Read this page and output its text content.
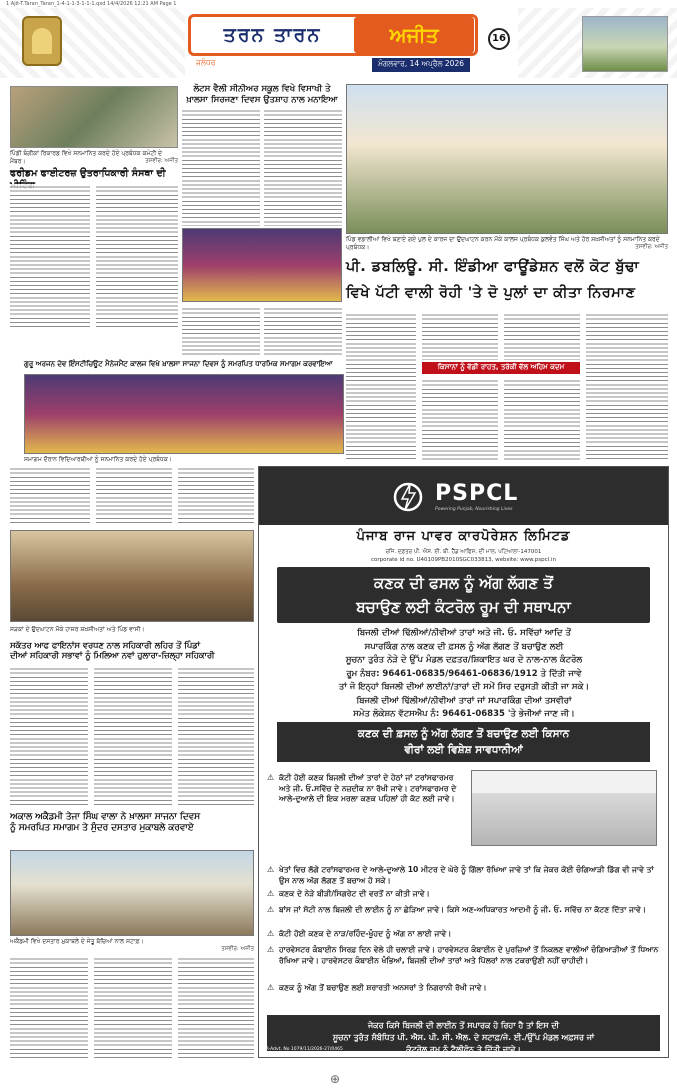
1 Ajit-T.Taran_Taran_1-4-1-1-3-1-1-1.qxd 14/4/2026 12:21 AM Page 1
ਤਰਨ ਤਾਰਨ	ਅਜੀਤ
ਜਲੰਧਰ	ਮੰਗਲਵਾਰ, 14 ਅਪ੍ਰੈਲ 2026
16
ਪਿੰਡੀ ਬੰਗੀਕਾਂ ਰਿਕਾਰਡ ਵਿਖੇ ਸਨਮਾਨਿਤ ਕਰਦੇ ਹੋਏ ਪ੍ਰਬੰਧਕ ਕਮੇਟੀ ਦੇ ਮੈਂਬਰ।	ਤਸਵੀਰ: ਅਜੀਤ
ਫਰੀਡਮ ਫਾਈਟਰਜ਼ ਉਤਰਾਧਿਕਾਰੀ ਸੰਸਥਾ ਦੀ
ਲੋਟਸ ਵੈਲੀ ਸੀਨੀਅਰ ਸਕੂਲ ਵਿਖੇ ਵਿਸਾਖੀ ਤੇ
ਖ਼ਾਲਸਾ ਸਿਰਜਣਾ ਦਿਵਸ ਉਤਸ਼ਾਹ ਨਾਲ ਮਨਾਇਆ
ਪਿੰਡ ਵਡਾਲੀਆਂ ਵਿਖੇ ਬਣਾਏ ਗਏ ਪੁਲ ਦੇ ਕਾਰਜ ਦਾ ਉਦਘਾਟਨ ਕਰਨ ਮੌਕੇ ਕਾਲਜ ਪ੍ਰਬੰਧਕ ਕੁਲਵੰਤ ਸਿੰਘ ਅਤੇ ਹੋਰ ਸ਼ਖ਼ਸੀਅਤਾਂ ਨੂੰ ਸਨਮਾਨਿਤ ਕਰਦੇ ਪ੍ਰਬੰਧਕ।	ਤਸਵੀਰ: ਅਜੀਤ
ਪੀ. ਡਬਲਿਊ. ਸੀ. ਇੰਡੀਆ ਫਾਊਂਡੇਸ਼ਨ ਵਲੋਂ ਕੋਟ ਬੁੱਢਾ
ਵਿਖੇ ਪੱਟੀ ਵਾਲੀ ਰੋਹੀ 'ਤੇ ਦੋ ਪੁਲਾਂ ਦਾ ਕੀਤਾ ਨਿਰਮਾਣ
ਕਿਸਾਨਾਂ ਨੂੰ ਵੱਡੀ ਰਾਹਤ, ਤਰੱਕੀ ਵੱਲ ਅਹਿਮ ਕਦਮ
ਗੁਰੂ ਅਰਜਨ ਦੇਵ ਇੰਸਟੀਚਿਊਟ ਮੈਨੇਜਮੈਂਟ ਕਾਲਜ ਵਿਖੇ ਖ਼ਾਲਸਾ ਸਾਜਨਾ ਦਿਵਸ ਨੂੰ ਸਮਰਪਿਤ ਧਾਰਮਿਕ ਸਮਾਗਮ ਕਰਵਾਇਆ
ਸਮਾਗਮ ਦੌਰਾਨ ਵਿਦਿਆਰਥੀਆਂ ਨੂੰ ਸਨਮਾਨਿਤ ਕਰਦੇ ਹੋਏ ਪ੍ਰਬੰਧਕ।
ਸੜਕਾਂ ਦੇ ਉਦਘਾਟਨ ਮੌਕੇ ਹਾਜ਼ਰ ਸ਼ਖ਼ਸੀਅਤਾਂ ਅਤੇ ਪਿੰਡ ਵਾਸੀ।
ਸਕੱਤਰ ਆਫ ਫਾਇਨਾਂਸ ਵਰਧਣ ਨਾਲ ਸਹਿਕਾਰੀ ਲਹਿਰ ਤੋਂ ਪਿੰਡਾਂ
ਦੀਆਂ ਸਹਿਕਾਰੀ ਸਭਾਵਾਂ ਨੂੰ ਮਿਲਿਆ ਨਵਾਂ ਹੁਲਾਰਾ-ਜ਼ਿਲ੍ਹਾ ਸਹਿਕਾਰੀ
ਅਕਾਲ ਅਕੈਡਮੀ ਤੇਜਾ ਸਿੰਘ ਵਾਲਾ ਨੇ ਖ਼ਾਲਸਾ ਸਾਜਨਾ ਦਿਵਸ
ਨੂੰ ਸਮਰਪਿਤ ਸਮਾਗਮ ਤੇ ਸੁੰਦਰ ਦਸਤਾਰ ਮੁਕਾਬਲੇ ਕਰਵਾਏ
ਅਕੈਡਮੀ ਵਿਖੇ ਦਸਤਾਰ ਮੁਕਾਬਲੇ ਦੇ ਜੇਤੂ ਬੱਚਿਆਂ ਨਾਲ ਸਟਾਫ਼।
ਤਸਵੀਰ: ਅਜੀਤ
PSPCL
Powering Punjab, Nourishing Lives
ਪੰਜਾਬ ਰਾਜ ਪਾਵਰ ਕਾਰਪੋਰੇਸ਼ਨ ਲਿਮਿਟਡ
ਰਜਿ. ਦਫ਼ਤਰ ਪੀ. ਐਸ. ਈ. ਬੀ. ਹੈੱਡ ਆਫਿਸ, ਦੀ ਮਾਲ, ਪਟਿਆਲਾ-147001
corporate id no. U40109PB2010SGC033813, website: www.pspcl.in
ਕਣਕ ਦੀ ਫਸਲ ਨੂੰ ਅੱਗ ਲੱਗਣ ਤੋਂ
ਬਚਾਉਣ ਲਈ ਕੰਟਰੋਲ ਰੂਮ ਦੀ ਸਥਾਪਨਾ
ਬਿਜਲੀ ਦੀਆਂ ਢਿੱਲੀਆਂ/ਨੀਵੀਆਂ ਤਾਰਾਂ ਅਤੇ ਜੀ. ਓ. ਸਵਿੱਚਾਂ ਆਦਿ ਤੋਂ
ਸਪਾਰਕਿੰਗ ਨਾਲ ਕਣਕ ਦੀ ਫ਼ਸਲ ਨੂੰ ਅੱਗ ਲੱਗਣ ਤੋਂ ਬਚਾਉਣ ਲਈ
ਸੂਚਨਾ ਤੁਰੰਤ ਨੇੜੇ ਦੇ ਉੱਪ ਮੰਡਲ ਦਫ਼ਤਰ/ਸ਼ਿਕਾਇਤ ਘਰ ਦੇ ਨਾਲ-ਨਾਲ ਕੰਟਰੋਲ
ਰੂਮ ਨੰਬਰ: 96461-06835/96461-06836/1912 ਤੇ ਦਿੱਤੀ ਜਾਵੇ
ਤਾਂ ਜੋ ਇਨ੍ਹਾਂ ਬਿਜਲੀ ਦੀਆਂ ਲਾਈਨਾਂ/ਤਾਰਾਂ ਦੀ ਸਮੇਂ ਸਿਰ ਦਰੁਸਤੀ ਕੀਤੀ ਜਾ ਸਕੇ।
ਬਿਜਲੀ ਦੀਆਂ ਢਿੱਲੀਆਂ/ਨੀਵੀਆਂ ਤਾਰਾਂ ਜਾਂ ਸਪਾਰਕਿੰਗ ਦੀਆਂ ਤਸਵੀਰਾਂ
ਸਮੇਤ ਲੋਕੇਸ਼ਨ ਵੱਟਸਐਪ ਨੰ: 96461-06835 'ਤੇ ਭੇਜੀਆਂ ਜਾਣ ਜੀ।
ਕਣਕ ਦੀ ਫ਼ਸਲ ਨੂੰ ਅੱਗ ਲੱਗਣ ਤੋਂ ਬਚਾਉਣ ਲਈ ਕਿਸਾਨ
ਵੀਰਾਂ ਲਈ ਵਿਸ਼ੇਸ਼ ਸਾਵਧਾਨੀਆਂ
⚠ ਕੱਟੀ ਹੋਈ ਕਣਕ ਬਿਜਲੀ ਦੀਆਂ ਤਾਰਾਂ ਦੇ ਹੇਠਾਂ ਜਾਂ ਟਰਾਂਸਫਾਰਮਰ ਅਤੇ ਜੀ. ਓ.ਸਵਿੱਚ ਦੇ ਨਜ਼ਦੀਕ ਨਾ ਰੱਖੀ ਜਾਵੇ। ਟਰਾਂਸਫਾਰਮਰ ਦੇ ਆਲੇ-ਦੁਆਲੇ ਦੀ ਇਕ ਮਰਲਾ ਕਣਕ ਪਹਿਲਾਂ ਹੀ ਕੱਟ ਲਈ ਜਾਵੇ।
⚠ ਖੇਤਾਂ ਵਿਚ ਲੱਗੇ ਟਰਾਂਸਫਾਰਮਰ ਦੇ ਆਲੇ-ਦੁਆਲੇ 10 ਮੀਟਰ ਦੇ ਘੇਰੇ ਨੂੰ ਗਿੱਲਾ ਰੱਖਿਆ ਜਾਵੇ ਤਾਂ ਕਿ ਜੇਕਰ ਕੋਈ ਚੰਗਿਆੜੀ ਡਿੱਗ ਵੀ ਜਾਵੇ ਤਾਂ ਉਸ ਨਾਲ ਅੱਗ ਲੱਗਣ ਤੋਂ ਬਚਾਅ ਹੋ ਸਕੇ।
⚠ ਕਣਕ ਦੇ ਨੇੜੇ ਬੀੜੀ/ਸਿਗਰੇਟ ਦੀ ਵਰਤੋਂ ਨਾ ਕੀਤੀ ਜਾਵੇ।
⚠ ਬਾਂਸ ਜਾਂ ਸੋਟੀ ਨਾਲ ਬਿਜਲੀ ਦੀ ਲਾਈਨ ਨੂੰ ਨਾ ਛੇੜਿਆ ਜਾਵੇ। ਕਿਸੇ ਅਣ-ਅਧਿਕਾਰਤ ਆਦਮੀ ਨੂੰ ਜੀ. ਓ. ਸਵਿੱਚ ਨਾ ਕੱਟਣ ਦਿੱਤਾ ਜਾਵੇ।
⚠ ਕੱਟੀ ਹੋਈ ਕਣਕ ਦੇ ਨਾੜ/ਰਹਿੰਦ-ਖੂੰਹਦ ਨੂੰ ਅੱਗ ਨਾ ਲਾਈ ਜਾਵੇ।
⚠ ਹਾਰਵੇਸਟਰ ਕੰਬਾਈਨ ਸਿਰਫ਼ ਦਿਨ ਵੇਲੇ ਹੀ ਚਲਾਈ ਜਾਵੇ। ਹਾਰਵੇਸਟਰ ਕੰਬਾਈਨ ਦੇ ਪੁਰਜ਼ਿਆਂ ਤੋਂ ਨਿਕਲਣ ਵਾਲੀਆਂ ਚੰਗਿਆੜੀਆਂ ਤੋਂ ਧਿਆਨ ਰੱਖਿਆ ਜਾਵੇ। ਹਾਰਵੇਸਟਰ ਕੰਬਾਈਨ ਖੰਭਿਆਂ, ਬਿਜਲੀ ਦੀਆਂ ਤਾਰਾਂ ਅਤੇ ਪਿੱਲਰਾਂ ਨਾਲ ਟਕਰਾਉਣੀ ਨਹੀਂ ਚਾਹੀਦੀ।
⚠ ਕਣਕ ਨੂੰ ਅੱਗ ਤੋਂ ਬਚਾਉਣ ਲਈ ਸ਼ਰਾਰਤੀ ਅਨਸਰਾਂ ਤੇ ਨਿਗਰਾਨੀ ਰੱਖੀ ਜਾਵੇ।
ਜੇਕਰ ਕਿਸੇ ਬਿਜਲੀ ਦੀ ਲਾਈਨ ਤੋਂ ਸਪਾਰਕ ਹੋ ਰਿਹਾ ਹੈ ਤਾਂ ਇਸ ਦੀ
ਸੂਚਨਾ ਤੁਰੰਤ ਸੰਬੰਧਿਤ ਪੀ. ਐਸ. ਪੀ. ਸੀ. ਐਲ. ਦੇ ਸਟਾਫ਼/ਜੇ. ਈ./ਉੱਪ ਮੰਡਲ ਅਫ਼ਸਰ ਜਾਂ
ਕੰਟਰੋਲ ਰੂਮ ਨੂੰ ਟੈਲੀਫੋਨ ਤੇ ਦਿੱਤੀ ਜਾਵੇ।
PR-Advt. No 1079/11/2026-27/0465
⊕
